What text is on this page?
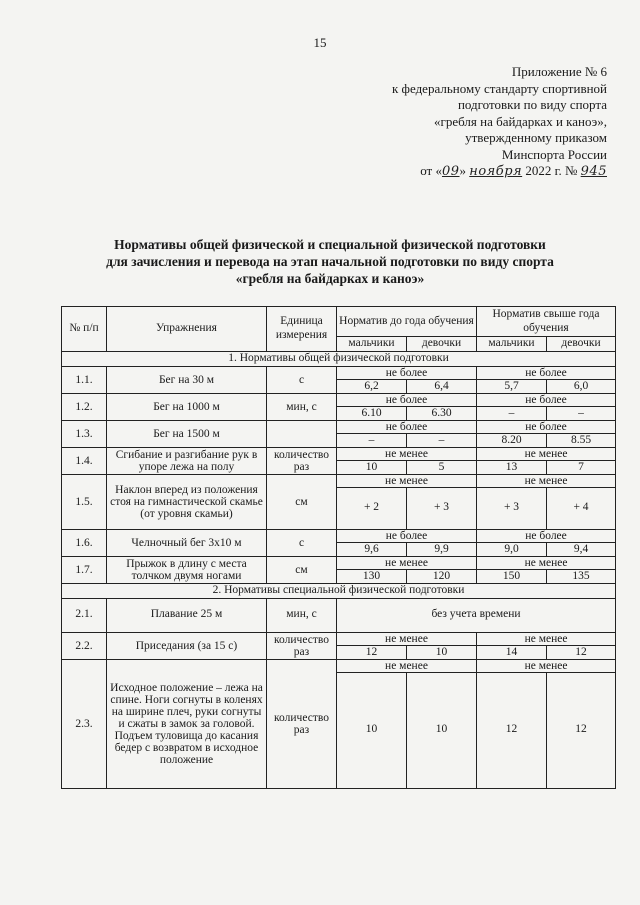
15
Приложение № 6
к федеральному стандарту спортивной
подготовки по виду спорта
«гребля на байдарках и каноэ»,
утвержденному приказом
Минспорта России
от «09» ноября 2022 г. № 945
Нормативы общей физической и специальной физической подготовки
для зачисления и перевода на этап начальной подготовки по виду спорта
«гребля на байдарках и каноэ»
№ п/п	Упражнения	Единица измерения	Норматив до года обучения		Норматив свыше года обучения	
			мальчики	девочки	мальчики	девочки
1. Нормативы общей физической подготовки						
1.1.	Бег на 30 м	с	не более		не более	
			6,2	6,4	5,7	6,0
1.2.	Бег на 1000 м	мин, с	не более		не более	
			6.10	6.30	–	–
1.3.	Бег на 1500 м		не более		не более	
			–	–	8.20	8.55
1.4.	Сгибание и разгибание рук в упоре лежа на полу	количество раз	не менее		не менее	
			10	5	13	7
1.5.	Наклон вперед из положения стоя на гимнастической скамье (от уровня скамьи)	см	не менее		не менее	
			+ 2	+ 3	+ 3	+ 4
1.6.	Челночный бег 3х10 м	с	не более		не более	
			9,6	9,9	9,0	9,4
1.7.	Прыжок в длину с места толчком двумя ногами	см	не менее		не менее	
			130	120	150	135
2. Нормативы специальной физической подготовки						
2.1.	Плавание 25 м	мин, с	без учета времени			
2.2.	Приседания (за 15 с)	количество раз	не менее		не менее	
			12	10	14	12
2.3.	Исходное положение – лежа на спине. Ноги согнуты в коленях на ширине плеч, руки согнуты и сжаты в замок за головой. Подъем туловища до касания бедер с возвратом в исходное положение	количество раз	не менее		не менее	
			10	10	12	12
